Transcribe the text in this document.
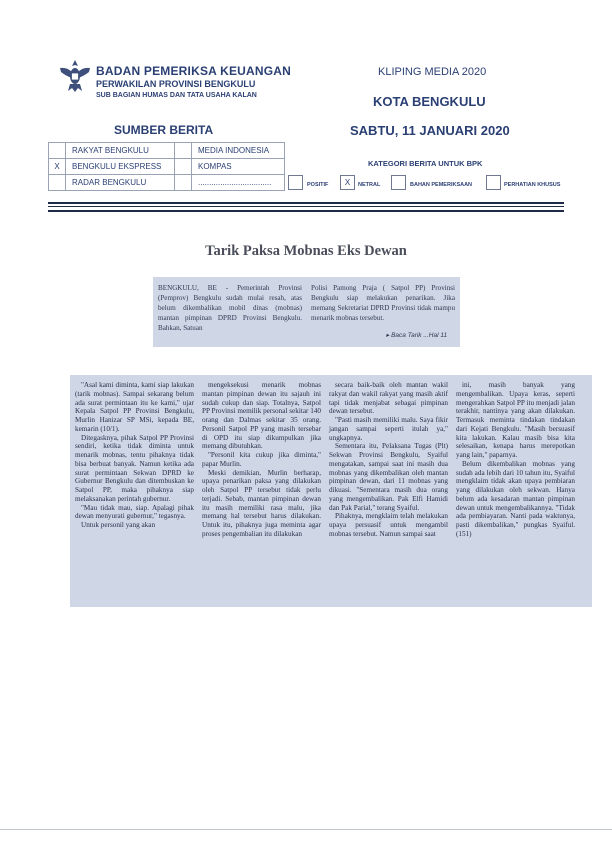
BADAN PEMERIKSA KEUANGAN
PERWAKILAN PROVINSI BENGKULU
SUB BAGIAN HUMAS DAN TATA USAHA KALAN
KLIPING MEDIA 2020
KOTA BENGKULU
SABTU, 11 JANUARI 2020
SUMBER BERITA
	RAKYAT BENGKULU		MEDIA INDONESIA
X	BENGKULU EKSPRESS		KOMPAS
	RADAR BENGKULU		.................................
KATEGORI BERITA UNTUK BPK
POSITIF	X	NETRAL	BAHAN PEMERIKSAAN	PERHATIAN KHUSUS
Tarik Paksa Mobnas Eks Dewan
BENGKULU, BE - Pemerintah Provinsi (Pemprov) Bengkulu sudah mulai resah, atas belum dikembalikan mobil dinas (mobnas) mantan pimpinan DPRD Provinsi Bengkulu. Bahkan, Satuan
Polisi Pamong Praja ( Satpol PP) Provinsi Bengkulu siap melakukan penarikan. Jika memang Sekretariat DPRD Provinsi tidak mampu menarik mobnas tersebut.
▸ Baca Tarik ...Hal 11

"Asal kami diminta, kami siap lakukan (tarik mobnas). Sampai sekarang belum ada surat permintaan itu ke kami," ujar Kepala Satpol PP Provinsi Bengkulu, Murlin Hanizar SP MSi, kepada BE, kemarin (10/1).

Ditegasknya, pihak Satpol PP Provinsi sendiri, ketika tidak diminta untuk menarik mobnas, tentu pihaknya tidak bisa berbuat banyak. Namun ketika ada surat permintaan Sekwan DPRD ke Gubernur Bengkulu dan ditembuskan ke Satpol PP, maka pihaknya siap melaksanakan perintah gubernur.

"Mau tidak mau, siap. Apalagi pihak dewan menyurati gubernur," tegasnya.

Untuk personil yang akan

mengeksekusi menarik mobnas mantan pimpinan dewan itu sajauh ini sudah cukup dan siap. Totalnya, Satpol PP Provinsi memilik personal sekitar 140 orang dan Dalmas sekitar 35 orang. Personil Satpol PP yang masih tersebar di OPD itu siap dikumpulkan jika memang dibutuhkan.

"Personil kita cukup jika diminta," papar Murlin.

Meski demikian, Murlin berharap, upaya penarikan paksa yang dilakukan oleh Satpol PP tersebut tidak perlu terjadi. Sebab, mantan pimpinan dewan itu masih memiliki rasa malu, jika memang hal tersebut harus dilakukan. Untuk itu, pihaknya juga meminta agar proses pengembalian itu dilakukan

secara baik-baik oleh mantan wakil rakyat dan wakil rakyat yang masih aktif tapi tidak menjabat sebagai pimpinan dewan tersebut.

"Pasti masih memiliki malu. Saya fikir jangan sampai seperti itulah ya," ungkapnya.

Sementara itu, Pelaksana Tugas (Plt) Sekwan Provinsi Bengkulu, Syaiful mengatakan, sampai saat ini masih dua mobnas yang dikembalikan oleh mantan pimpinan dewan, dari 11 mobnas yang dikuasi. "Sementara masih dua orang yang mengembalikan. Pak Elfi Hamidi dan Pak Parial," terang Syaiful.

Pihaknya, mengklaim telah melakukan upaya persuasif untuk mengambil mobnas tersebut. Namun sampai saat

ini, masih banyak yang mengembalikan. Upaya keras, seperti mengerahkan Satpol PP itu menjadi jalan terakhir, nantinya yang akan dilakukan. Termasuk meminta tindakan tindakan dari Kejati Bengkulu. "Masih bersuasif kita lakukan. Kalau masih bisa kita selesaikan, kenapa harus merepotkan yang lain," paparnya.

Belum dikembalikan mobnas yang sudah ada lebih dari 10 tahun itu, Syaiful mengklaim tidak akan upaya pembiaran yang dilakukan oleh sekwan. Hanya belum ada kesadaran mantan pimpinan dewan untuk mengembalikannya. "Tidak ada pembiayaran. Nanti pada waktunya, pasti dikembalikan," pungkas Syaiful. (151)
